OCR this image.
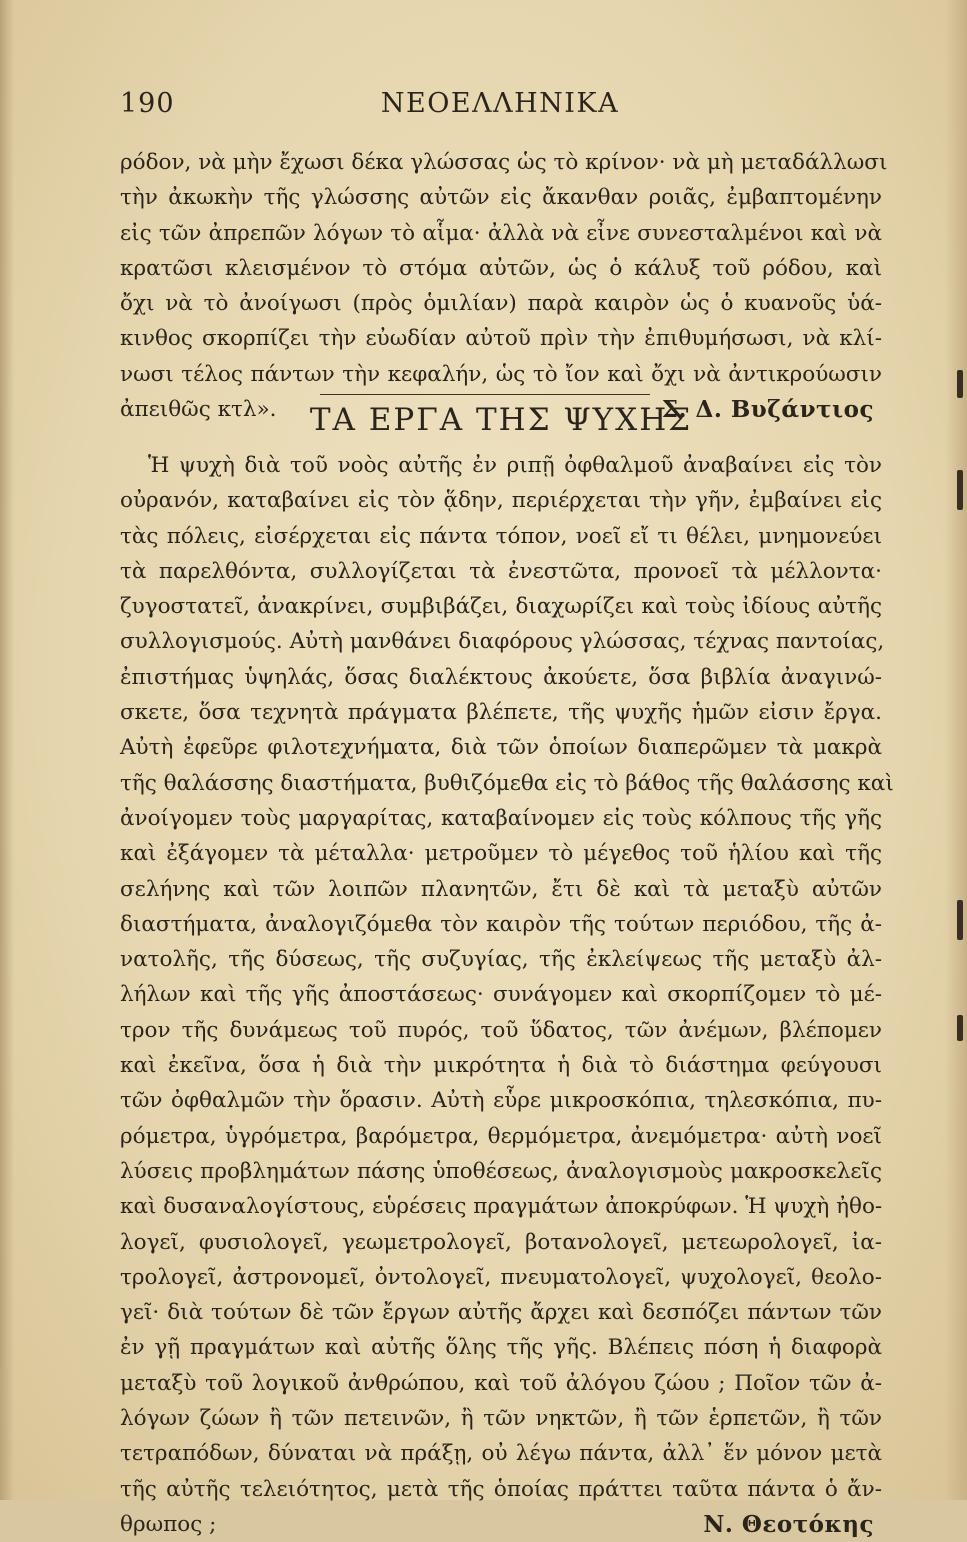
ΝΕΟΕΛΛΗΝΙΚΑ
190
ρόδον, νὰ μὴν ἔχωσι δέκα γλώσσας ὡς τὸ κρίνον· νὰ μὴ μεταδάλλωσι
τὴν ἀκωκὴν τῆς γλώσσης αὐτῶν εἰς ἄκανθαν ροιᾶς, ἐμβαπτομένην
εἰς τῶν ἀπρεπῶν λόγων τὸ αἷμα· ἀλλὰ νὰ εἶνε συνεσταλμένοι καὶ νὰ
κρατῶσι κλεισμένον τὸ στόμα αὐτῶν, ὡς ὁ κάλυξ τοῦ ρόδου, καὶ
ὄχι νὰ τὸ ἀνοίγωσι (πρὸς ὁμιλίαν) παρὰ καιρὸν ὡς ὁ κυανοῦς ὑά-
κινθος σκορπίζει τὴν εὐωδίαν αὐτοῦ πρὶν τὴν ἐπιθυμήσωσι, νὰ κλί-
νωσι τέλος πάντων τὴν κεφαλήν, ὡς τὸ ἴον καὶ ὄχι νὰ ἀντικρούωσιν
ἀπειθῶς κτλ».	Σ. Δ. Βυζάντιος
ΤΑ ΕΡΓΑ ΤΗΣ ΨΥΧΗΣ
Ἡ ψυχὴ διὰ τοῦ νοὸς αὐτῆς ἐν ριπῇ ὀφθαλμοῦ ἀναβαίνει εἰς τὸν
οὐρανόν, καταβαίνει εἰς τὸν ᾅδην, περιέρχεται τὴν γῆν, ἐμβαίνει εἰς
τὰς πόλεις, εἰσέρχεται εἰς πάντα τόπον, νοεῖ εἴ τι θέλει, μνημονεύει
τὰ παρελθόντα, συλλογίζεται τὰ ἐνεστῶτα, προνοεῖ τὰ μέλλοντα·
ζυγοστατεῖ, ἀνακρίνει, συμβιβάζει, διαχωρίζει καὶ τοὺς ἰδίους αὐτῆς
συλλογισμούς. Αὐτὴ μανθάνει διαφόρους γλώσσας, τέχνας παντοίας,
ἐπιστήμας ὑψηλάς, ὅσας διαλέκτους ἀκούετε, ὅσα βιβλία ἀναγινώ-
σκετε, ὅσα τεχνητὰ πράγματα βλέπετε, τῆς ψυχῆς ἡμῶν εἰσιν ἔργα.
Αὐτὴ ἐφεῦρε φιλοτεχνήματα, διὰ τῶν ὁποίων διαπερῶμεν τὰ μακρὰ
τῆς θαλάσσης διαστήματα, βυθιζόμεθα εἰς τὸ βάθος τῆς θαλάσσης καὶ
ἀνοίγομεν τοὺς μαργαρίτας, καταβαίνομεν εἰς τοὺς κόλπους τῆς γῆς
καὶ ἐξάγομεν τὰ μέταλλα· μετροῦμεν τὸ μέγεθος τοῦ ἡλίου καὶ τῆς
σελήνης καὶ τῶν λοιπῶν πλανητῶν, ἔτι δὲ καὶ τὰ μεταξὺ αὐτῶν
διαστήματα, ἀναλογιζόμεθα τὸν καιρὸν τῆς τούτων περιόδου, τῆς ἀ-
νατολῆς, τῆς δύσεως, τῆς συζυγίας, τῆς ἐκλείψεως τῆς μεταξὺ ἀλ-
λήλων καὶ τῆς γῆς ἀποστάσεως· συνάγομεν καὶ σκορπίζομεν τὸ μέ-
τρον τῆς δυνάμεως τοῦ πυρός, τοῦ ὕδατος, τῶν ἀνέμων, βλέπομεν
καὶ ἐκεῖνα, ὅσα ἡ διὰ τὴν μικρότητα ἡ διὰ τὸ διάστημα φεύγουσι
τῶν ὀφθαλμῶν τὴν ὅρασιν. Αὐτὴ εὗρε μικροσκόπια, τηλεσκόπια, πυ-
ρόμετρα, ὑγρόμετρα, βαρόμετρα, θερμόμετρα, ἀνεμόμετρα· αὐτὴ νοεῖ
λύσεις προβλημάτων πάσης ὑποθέσεως, ἀναλογισμοὺς μακροσκελεῖς
καὶ δυσαναλογίστους, εὑρέσεις πραγμάτων ἀποκρύφων. Ἡ ψυχὴ ἠθο-
λογεῖ, φυσιολογεῖ, γεωμετρολογεῖ, βοτανολογεῖ, μετεωρολογεῖ, ἰα-
τρολογεῖ, ἀστρονομεῖ, ὀντολογεῖ, πνευματολογεῖ, ψυχολογεῖ, θεολο-
γεῖ· διὰ τούτων δὲ τῶν ἔργων αὐτῆς ἄρχει καὶ δεσπόζει πάντων τῶν
ἐν γῇ πραγμάτων καὶ αὐτῆς ὅλης τῆς γῆς. Βλέπεις πόση ἡ διαφορὰ
μεταξὺ τοῦ λογικοῦ ἀνθρώπου, καὶ τοῦ ἀλόγου ζώου ; Ποῖον τῶν ἀ-
λόγων ζώων ἢ τῶν πετεινῶν, ἢ τῶν νηκτῶν, ἢ τῶν ἑρπετῶν, ἢ τῶν
τετραπόδων, δύναται νὰ πράξῃ, οὐ λέγω πάντα, ἀλλ᾽ ἕν μόνον μετὰ
τῆς αὐτῆς τελειότητος, μετὰ τῆς ὁποίας πράττει ταῦτα πάντα ὁ ἄν-
θρωπος ;	Ν. Θεοτόκης
